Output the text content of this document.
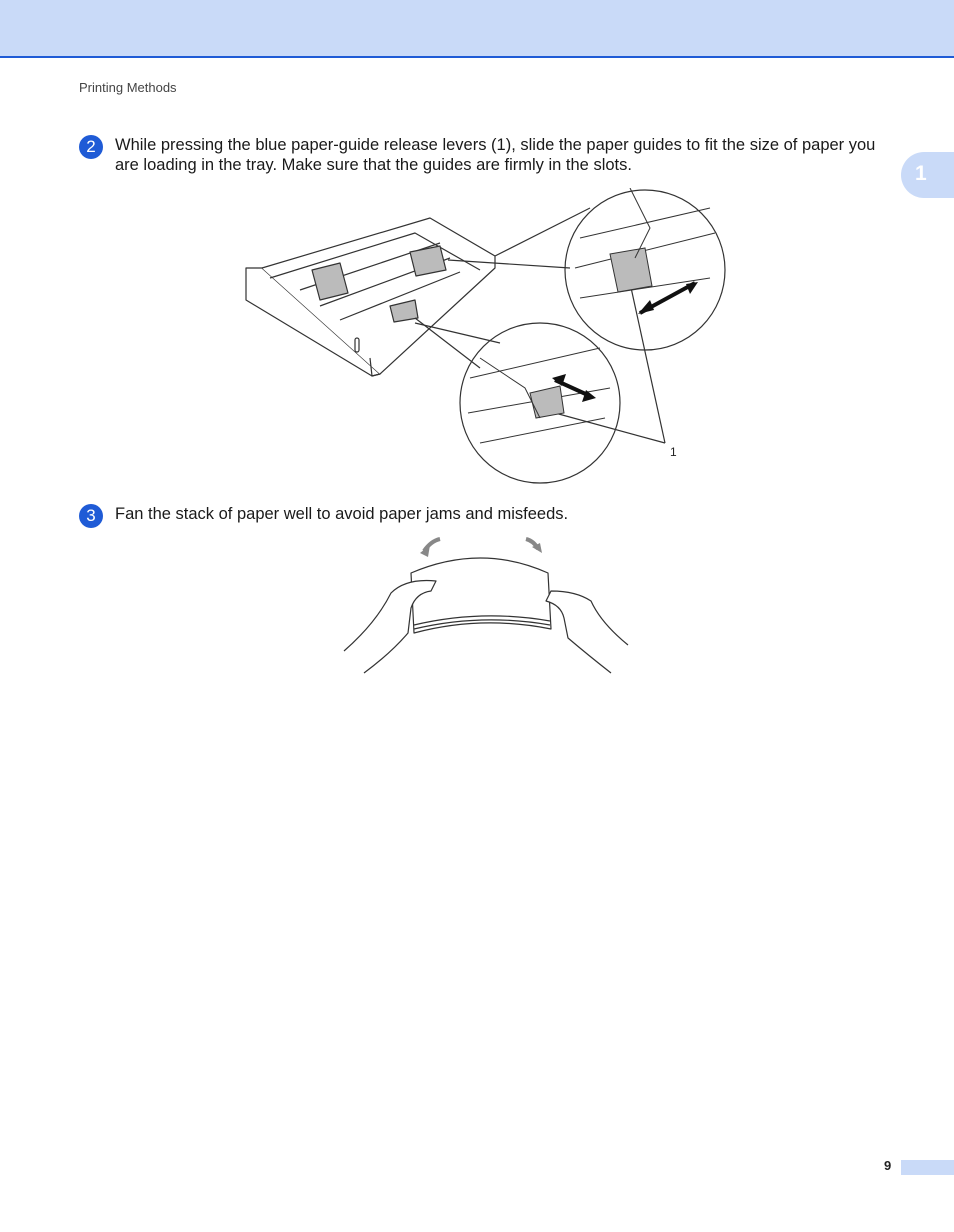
Printing Methods
1
2	While pressing the blue paper-guide release levers (1), slide the paper guides to fit the size of paper you are loading in the tray. Make sure that the guides are firmly in the slots.
1
3	Fan the stack of paper well to avoid paper jams and misfeeds.
9
